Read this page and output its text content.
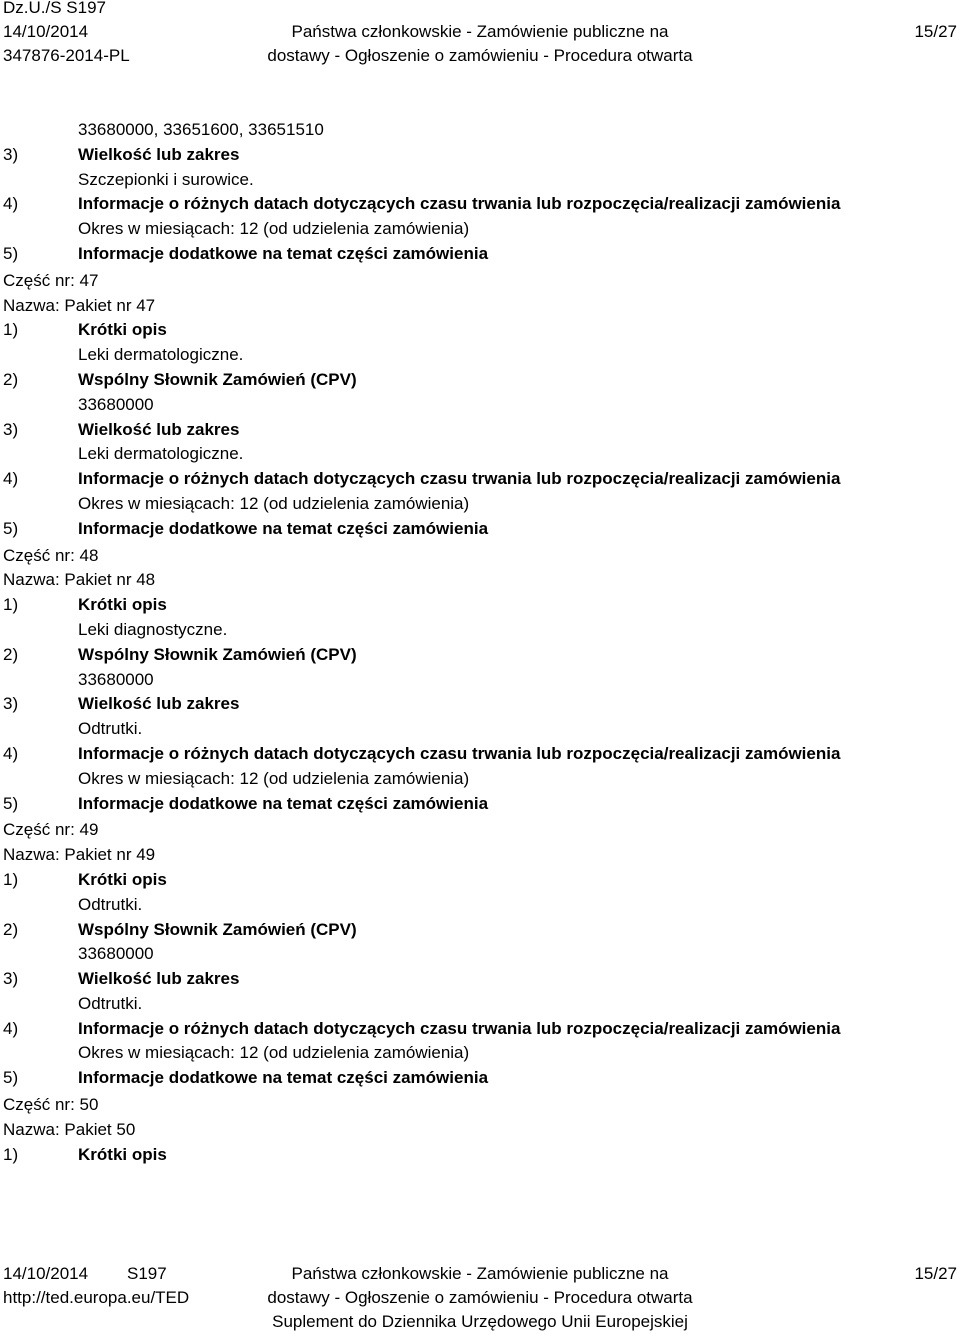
Dz.U./S S197
14/10/2014	Państwa członkowskie - Zamówienie publiczne na	15/27
347876-2014-PL	dostawy - Ogłoszenie o zamówieniu - Procedura otwarta
33680000, 33651600, 33651510
3)	Wielkość lub zakres
Szczepionki i surowice.
4)	Informacje o różnych datach dotyczących czasu trwania lub rozpoczęcia/realizacji zamówienia
Okres w miesiącach: 12 (od udzielenia zamówienia)
5)	Informacje dodatkowe na temat części zamówienia
Część nr: 47
Nazwa: Pakiet nr 47
1)	Krótki opis
Leki dermatologiczne.
2)	Wspólny Słownik Zamówień (CPV)
33680000
3)	Wielkość lub zakres
Leki dermatologiczne.
4)	Informacje o różnych datach dotyczących czasu trwania lub rozpoczęcia/realizacji zamówienia
Okres w miesiącach: 12 (od udzielenia zamówienia)
5)	Informacje dodatkowe na temat części zamówienia
Część nr: 48
Nazwa: Pakiet nr 48
1)	Krótki opis
Leki diagnostyczne.
2)	Wspólny Słownik Zamówień (CPV)
33680000
3)	Wielkość lub zakres
Odtrutki.
4)	Informacje o różnych datach dotyczących czasu trwania lub rozpoczęcia/realizacji zamówienia
Okres w miesiącach: 12 (od udzielenia zamówienia)
5)	Informacje dodatkowe na temat części zamówienia
Część nr: 49
Nazwa: Pakiet nr 49
1)	Krótki opis
Odtrutki.
2)	Wspólny Słownik Zamówień (CPV)
33680000
3)	Wielkość lub zakres
Odtrutki.
4)	Informacje o różnych datach dotyczących czasu trwania lub rozpoczęcia/realizacji zamówienia
Okres w miesiącach: 12 (od udzielenia zamówienia)
5)	Informacje dodatkowe na temat części zamówienia
Część nr: 50
Nazwa: Pakiet 50
1)	Krótki opis
14/10/2014 S197	Państwa członkowskie - Zamówienie publiczne na	15/27
http://ted.europa.eu/TED	dostawy - Ogłoszenie o zamówieniu - Procedura otwarta
Suplement do Dziennika Urzędowego Unii Europejskiej
